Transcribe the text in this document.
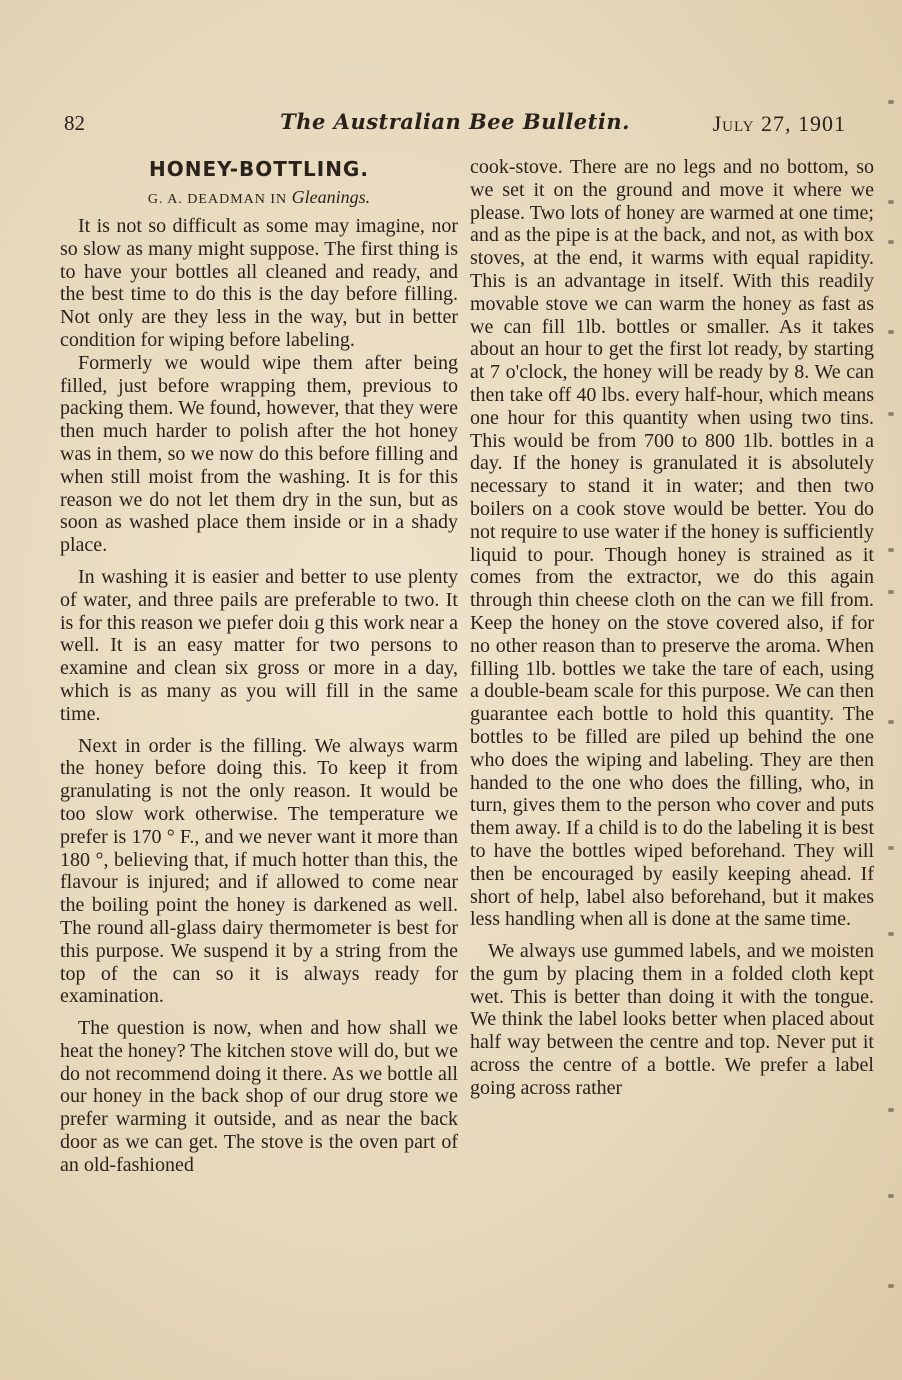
82	The Australian Bee Bulletin.	July 27, 1901
HONEY-BOTTLING.
G. A. DEADMAN IN Gleanings.

It is not so difficult as some may imagine, nor so slow as many might suppose. The first thing is to have your bottles all cleaned and ready, and the best time to do this is the day before filling. Not only are they less in the way, but in better condition for wiping before labeling.

Formerly we would wipe them after being filled, just before wrapping them, previous to packing them. We found, however, that they were then much harder to polish after the hot honey was in them, so we now do this before filling and when still moist from the washing. It is for this reason we do not let them dry in the sun, but as soon as washed place them inside or in a shady place.

In washing it is easier and better to use plenty of water, and three pails are preferable to two. It is for this reason we pıefer doiı g this work near a well. It is an easy matter for two persons to examine and clean six gross or more in a day, which is as many as you will fill in the same time.

Next in order is the filling. We always warm the honey before doing this. To keep it from granulating is not the only reason. It would be too slow work otherwise. The temperature we prefer is 170 ° F., and we never want it more than 180 °, believing that, if much hotter than this, the flavour is injured; and if allowed to come near the boiling point the honey is darkened as well. The round all-glass dairy thermometer is best for this purpose. We suspend it by a string from the top of the can so it is always ready for examination.

The question is now, when and how shall we heat the honey? The kitchen stove will do, but we do not recommend doing it there. As we bottle all our honey in the back shop of our drug store we prefer warming it outside, and as near the back door as we can get. The stove is the oven part of an old-fashioned

cook-stove. There are no legs and no bottom, so we set it on the ground and move it where we please. Two lots of honey are warmed at one time; and as the pipe is at the back, and not, as with box stoves, at the end, it warms with equal rapidity. This is an advantage in itself. With this readily movable stove we can warm the honey as fast as we can fill 1lb. bottles or smaller. As it takes about an hour to get the first lot ready, by starting at 7 o'clock, the honey will be ready by 8. We can then take off 40 lbs. every half-hour, which means one hour for this quantity when using two tins. This would be from 700 to 800 1lb. bottles in a day. If the honey is granulated it is absolutely necessary to stand it in water; and then two boilers on a cook stove would be better. You do not require to use water if the honey is sufficiently liquid to pour. Though honey is strained as it comes from the extractor, we do this again through thin cheese cloth on the can we fill from. Keep the honey on the stove covered also, if for no other reason than to preserve the aroma. When filling 1lb. bottles we take the tare of each, using a double-beam scale for this purpose. We can then guarantee each bottle to hold this quantity. The bottles to be filled are piled up behind the one who does the wiping and labeling. They are then handed to the one who does the filling, who, in turn, gives them to the person who cover and puts them away. If a child is to do the labeling it is best to have the bottles wiped beforehand. They will then be encouraged by easily keeping ahead. If short of help, label also beforehand, but it makes less handling when all is done at the same time.

We always use gummed labels, and we moisten the gum by placing them in a folded cloth kept wet. This is better than doing it with the tongue. We think the label looks better when placed about half way between the centre and top. Never put it across the centre of a bottle. We prefer a label going across rather
